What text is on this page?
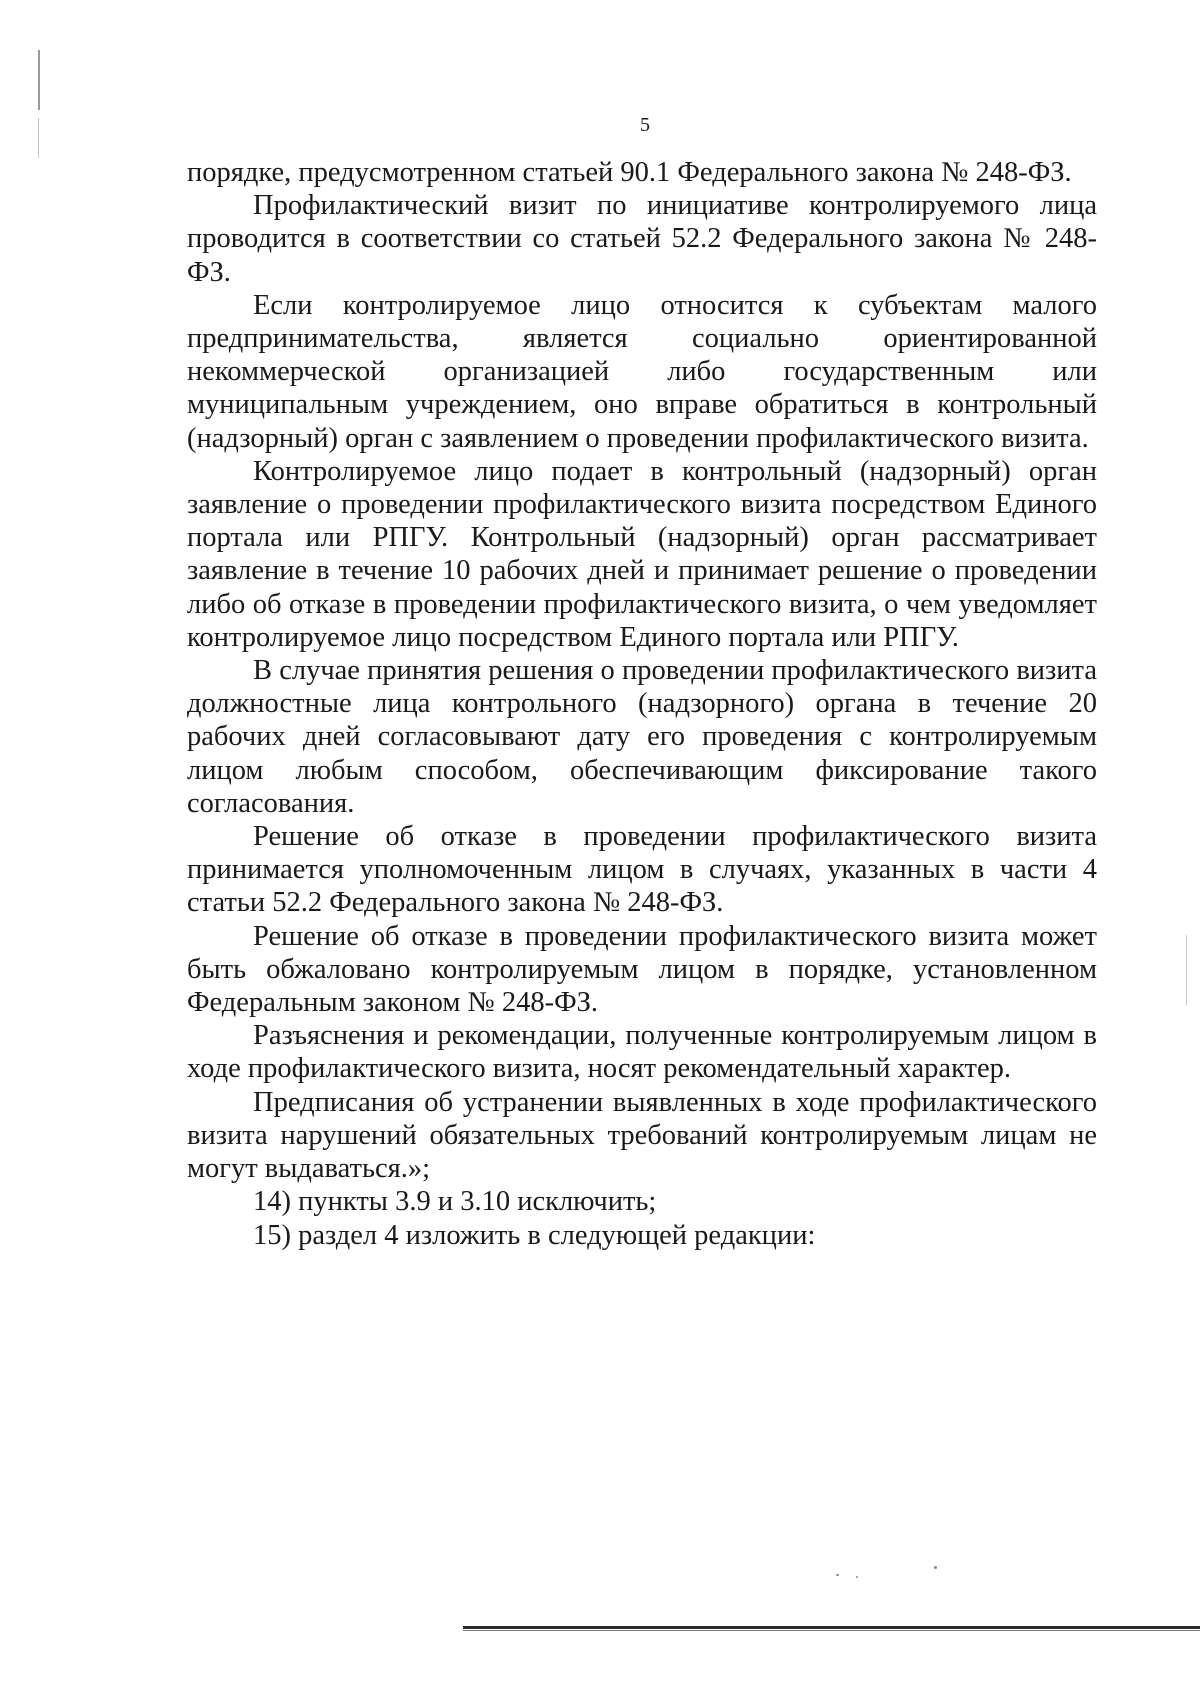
5

порядке, предусмотренном статьей 90.1 Федерального закона № 248-ФЗ.

Профилактический визит по инициативе контролируемого лица проводится в соответствии со статьей 52.2 Федерального закона № 248-ФЗ.

Если контролируемое лицо относится к субъектам малого предпринимательства, является социально ориентированной некоммерческой организацией либо государственным или муниципальным учреждением, оно вправе обратиться в контрольный (надзорный) орган с заявлением о проведении профилактического визита.

Контролируемое лицо подает в контрольный (надзорный) орган заявление о проведении профилактического визита посредством Единого портала или РПГУ. Контрольный (надзорный) орган рассматривает заявление в течение 10 рабочих дней и принимает решение о проведении либо об отказе в проведении профилактического визита, о чем уведомляет контролируемое лицо посредством Единого портала или РПГУ.

В случае принятия решения о проведении профилактического визита должностные лица контрольного (надзорного) органа в течение 20 рабочих дней согласовывают дату его проведения с контролируемым лицом любым способом, обеспечивающим фиксирование такого согласования.

Решение об отказе в проведении профилактического визита принимается уполномоченным лицом в случаях, указанных в части 4 статьи 52.2 Федерального закона № 248-ФЗ.

Решение об отказе в проведении профилактического визита может быть обжаловано контролируемым лицом в порядке, установленном Федеральным законом № 248-ФЗ.

Разъяснения и рекомендации, полученные контролируемым лицом в ходе профилактического визита, носят рекомендательный характер.

Предписания об устранении выявленных в ходе профилактического визита нарушений обязательных требований контролируемым лицам не могут выдаваться.»;

14) пункты 3.9 и 3.10 исключить;

15) раздел 4 изложить в следующей редакции:
